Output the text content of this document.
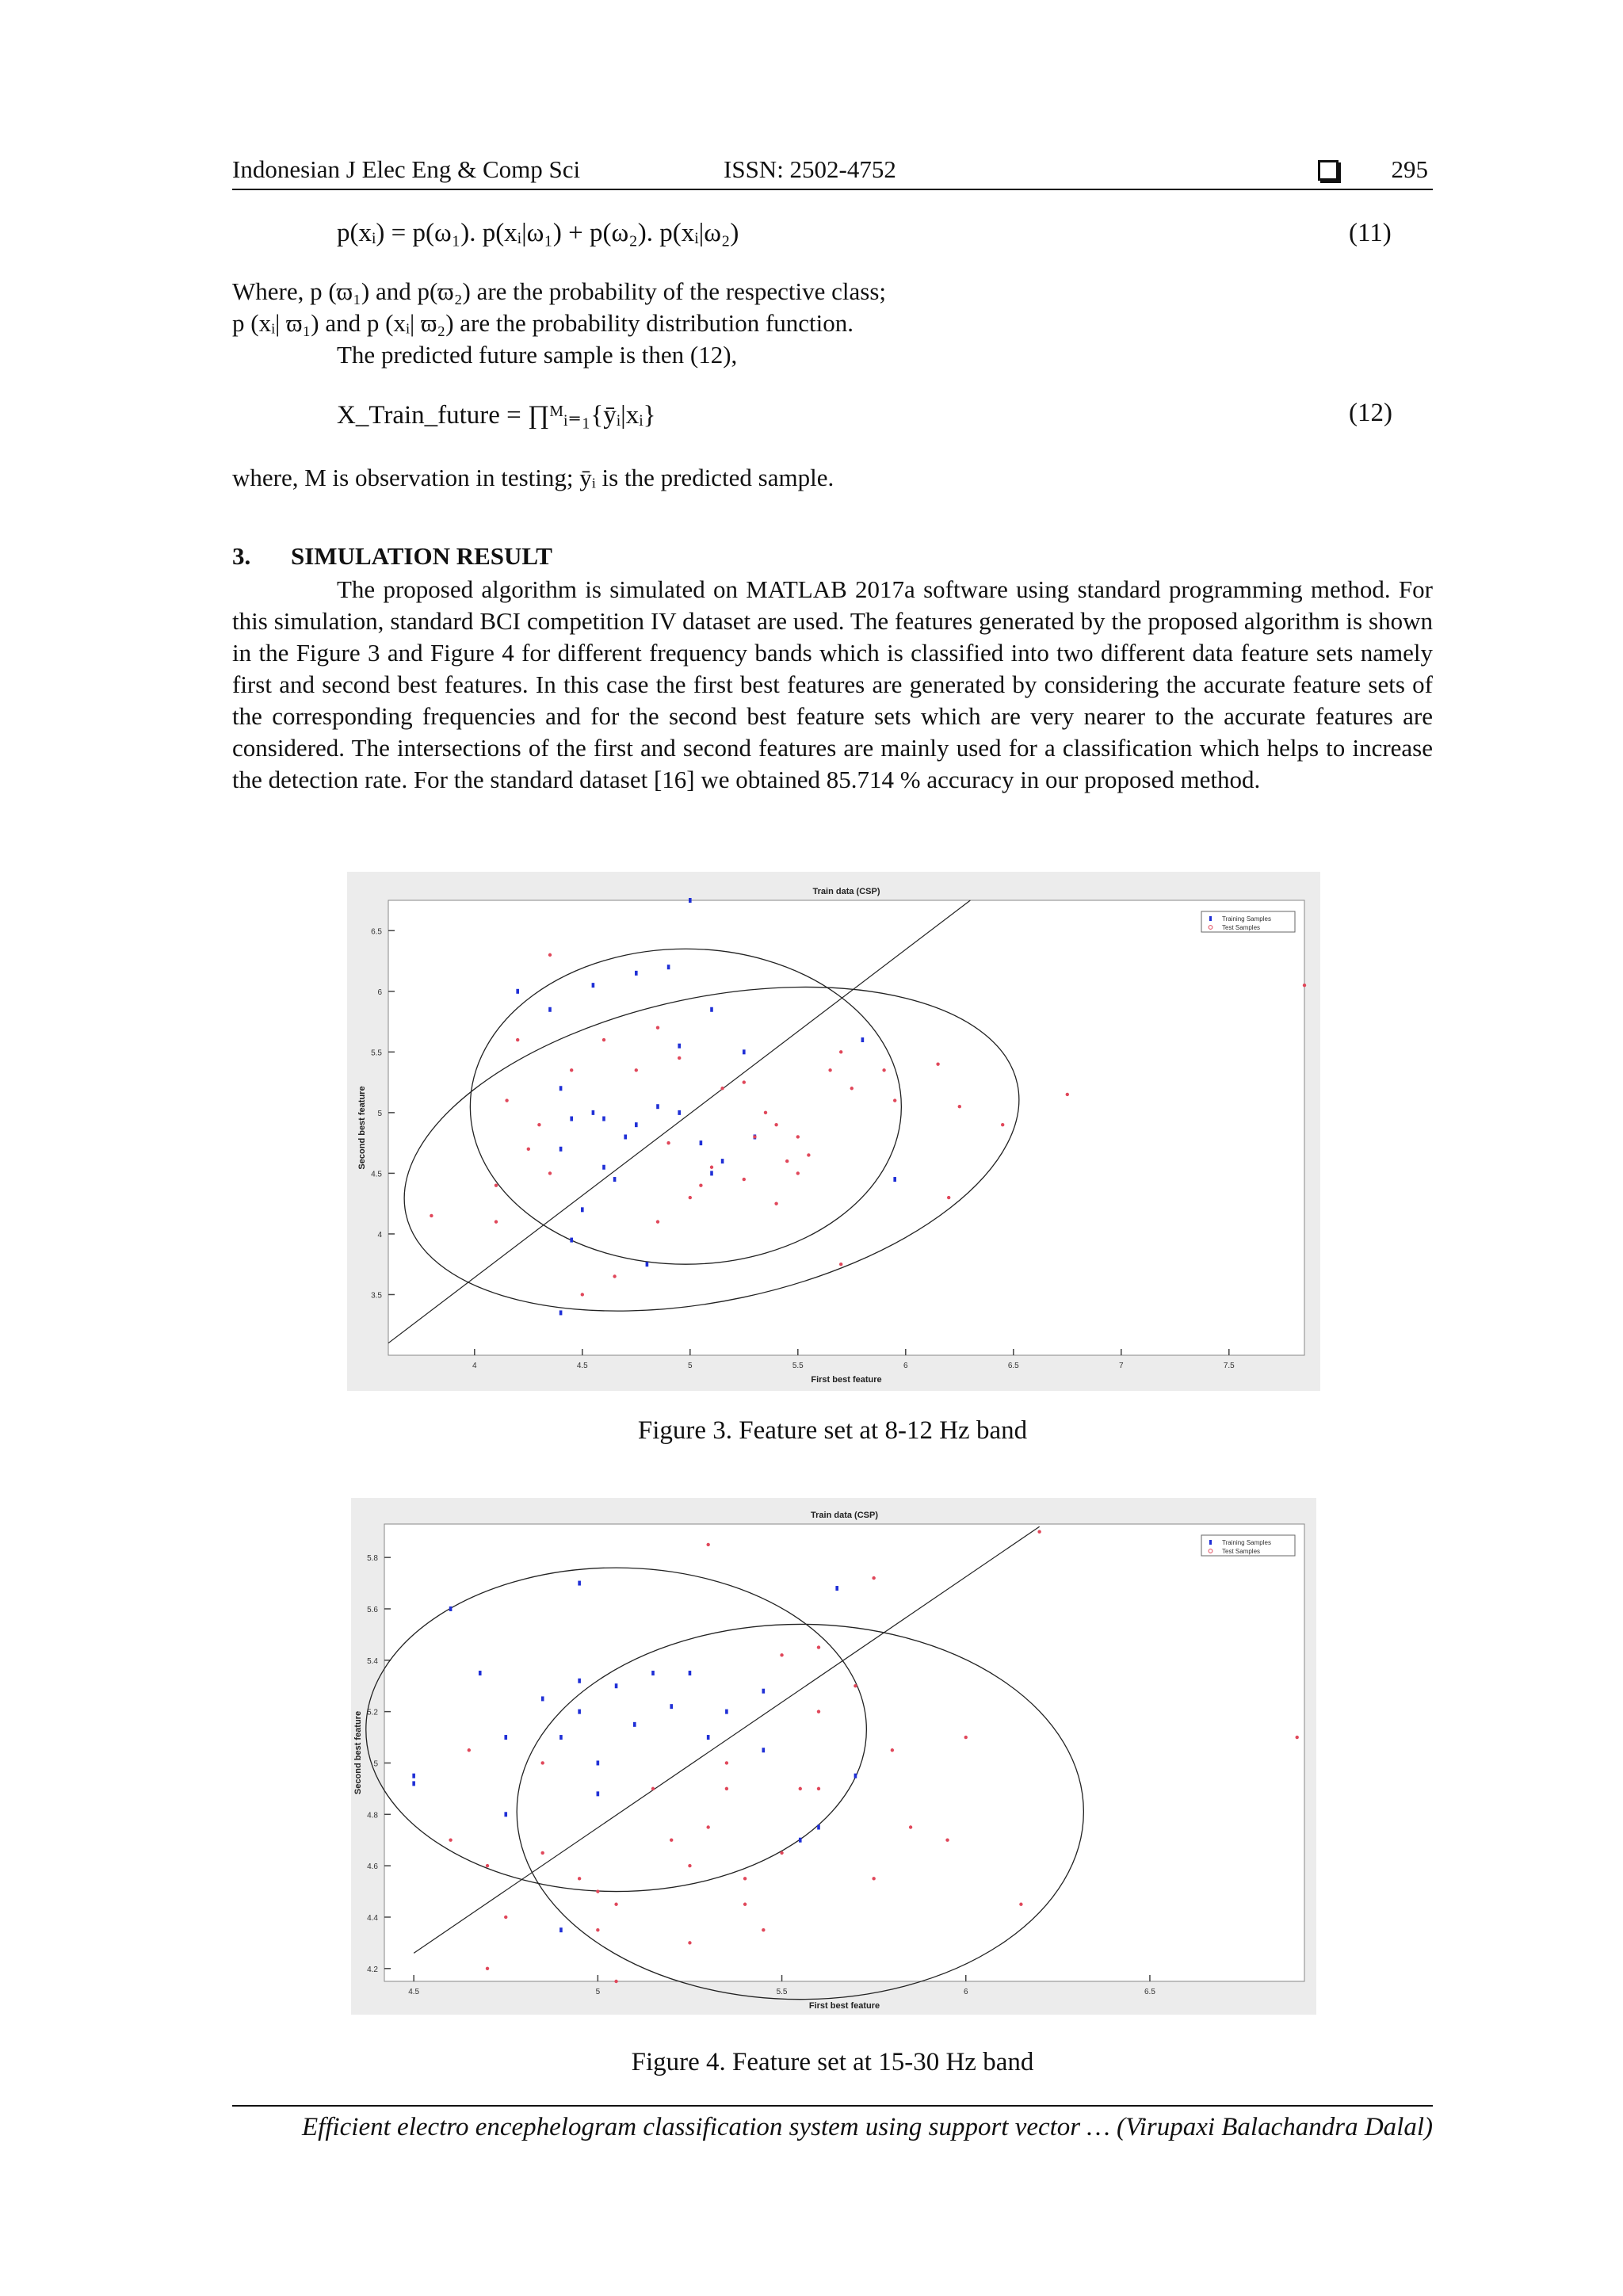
Indonesian J Elec Eng & Comp Sci	ISSN: 2502-4752	295
p(xᵢ) = p(ω₁). p(xᵢ|ω₁) + p(ω₂). p(xᵢ|ω₂)	(11)
Where, p (ϖ₁) and p(ϖ₂) are the probability of the respective class;
p (xᵢ| ϖ₁) and p (xᵢ| ϖ₂) are the probability distribution function.
The predicted future sample is then (12),
X_Train_future = ∏ᴹᵢ₌₁{ȳᵢ|xᵢ}	(12)
where, M is observation in testing; ȳᵢ is the predicted sample.
3. SIMULATION RESULT

The proposed algorithm is simulated on MATLAB 2017a software using standard programming method. For this simulation, standard BCI competition IV dataset are used. The features generated by the proposed algorithm is shown in the Figure 3 and Figure 4 for different frequency bands which is classified into two different data feature sets namely first and second best features. In this case the first best features are generated by considering the accurate feature sets of the corresponding frequencies and for the second best feature sets which are very nearer to the accurate features are considered. The intersections of the first and second features are mainly used for a classification which helps to increase the detection rate. For the standard dataset [16] we obtained 85.714 % accuracy in our proposed method.

Train data (CSP)
First best feature
Second best feature
4	4.5	5	5.5	6	6.5	7	7.5
3.5
4
4.5
5
5.5
6
6.5
Training Samples
Test Samples
Figure 3. Feature set at 8-12 Hz band
Train data (CSP)
First best feature
Second best feature
4.5	5	5.5	6	6.5
4.2
4.4
4.6
4.8
5
5.2
5.4
5.6
5.8
Training Samples
Test Samples
Figure 4. Feature set at 15-30 Hz band
Efficient electro encephelogram classification system using support vector … (Virupaxi Balachandra Dalal)
